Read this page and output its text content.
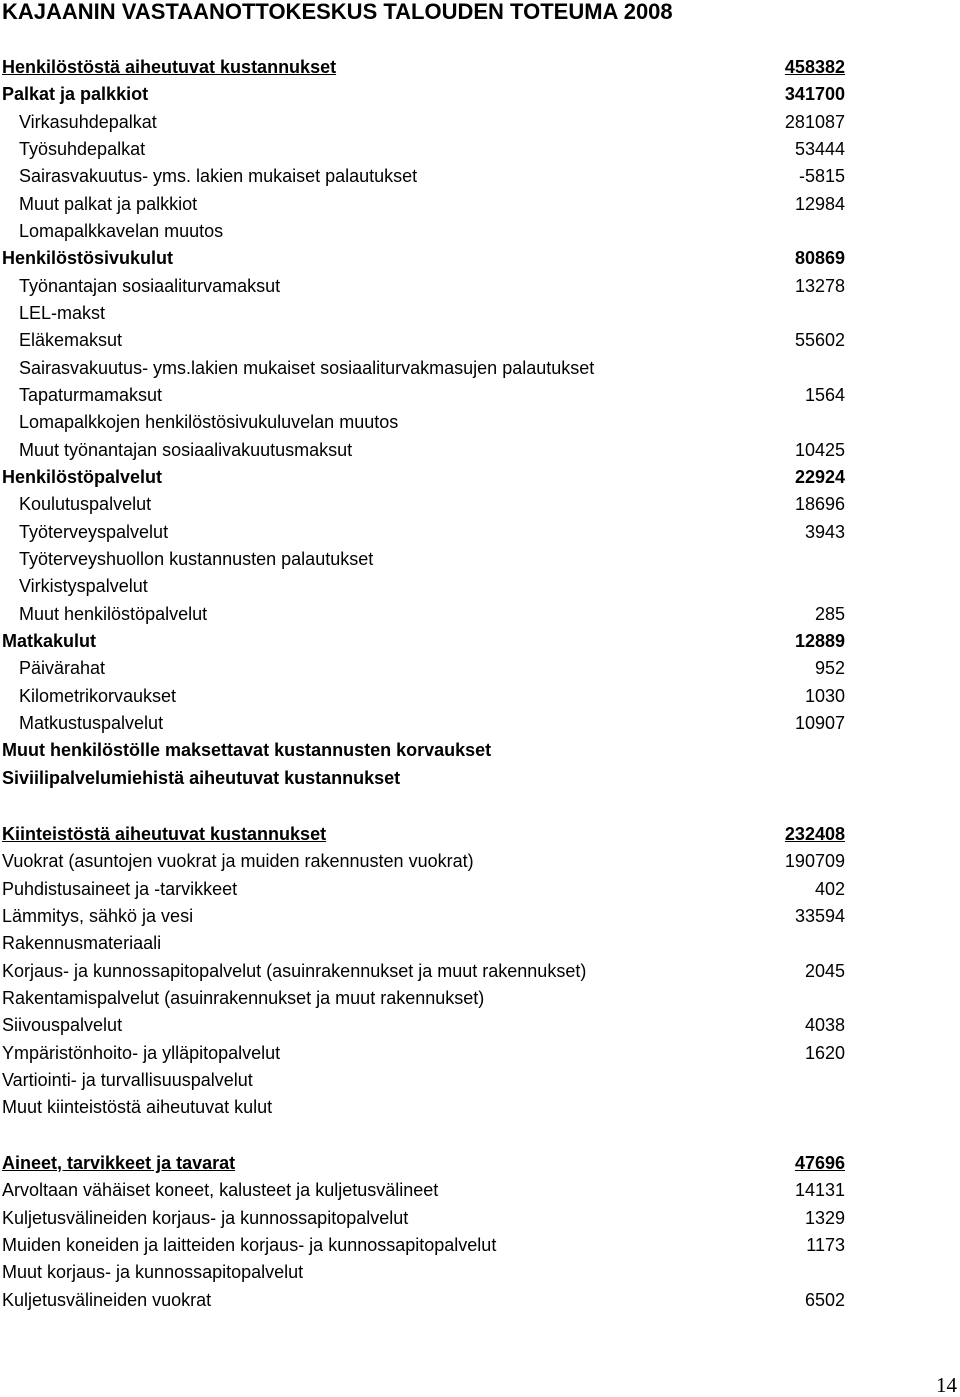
KAJAANIN VASTAANOTTOKESKUS TALOUDEN TOTEUMA 2008
Henkilöstöstä aiheutuvat kustannukset	458382
Palkat ja palkkiot	341700
Virkasuhdepalkat	281087
Työsuhdepalkat	53444
Sairasvakuutus- yms. lakien mukaiset palautukset	-5815
Muut palkat ja palkkiot	12984
Lomapalkkavelan muutos
Henkilöstösivukulut	80869
Työnantajan sosiaaliturvamaksut	13278
LEL-makst
Eläkemaksut	55602
Sairasvakuutus- yms.lakien mukaiset sosiaaliturvakmasujen palautukset
Tapaturmamaksut	1564
Lomapalkkojen henkilöstösivukuluvelan muutos
Muut työnantajan sosiaalivakuutusmaksut	10425
Henkilöstöpalvelut	22924
Koulutuspalvelut	18696
Työterveyspalvelut	3943
Työterveyshuollon kustannusten palautukset
Virkistyspalvelut
Muut henkilöstöpalvelut	285
Matkakulut	12889
Päivärahat	952
Kilometrikorvaukset	1030
Matkustuspalvelut	10907
Muut henkilöstölle maksettavat kustannusten korvaukset
Siviilipalvelumiehistä aiheutuvat kustannukset
Kiinteistöstä aiheutuvat kustannukset	232408
Vuokrat (asuntojen vuokrat ja muiden rakennusten vuokrat)	190709
Puhdistusaineet ja -tarvikkeet	402
Lämmitys, sähkö ja vesi	33594
Rakennusmateriaali
Korjaus- ja kunnossapitopalvelut (asuinrakennukset ja muut rakennukset)	2045
Rakentamispalvelut (asuinrakennukset ja muut rakennukset)
Siivouspalvelut	4038
Ympäristönhoito- ja ylläpitopalvelut	1620
Vartiointi- ja turvallisuuspalvelut
Muut kiinteistöstä aiheutuvat kulut
Aineet, tarvikkeet ja tavarat	47696
Arvoltaan vähäiset koneet, kalusteet ja kuljetusvälineet	14131
Kuljetusvälineiden korjaus- ja kunnossapitopalvelut	1329
Muiden koneiden ja laitteiden korjaus- ja kunnossapitopalvelut	1173
Muut korjaus- ja kunnossapitopalvelut
Kuljetusvälineiden vuokrat	6502
14
